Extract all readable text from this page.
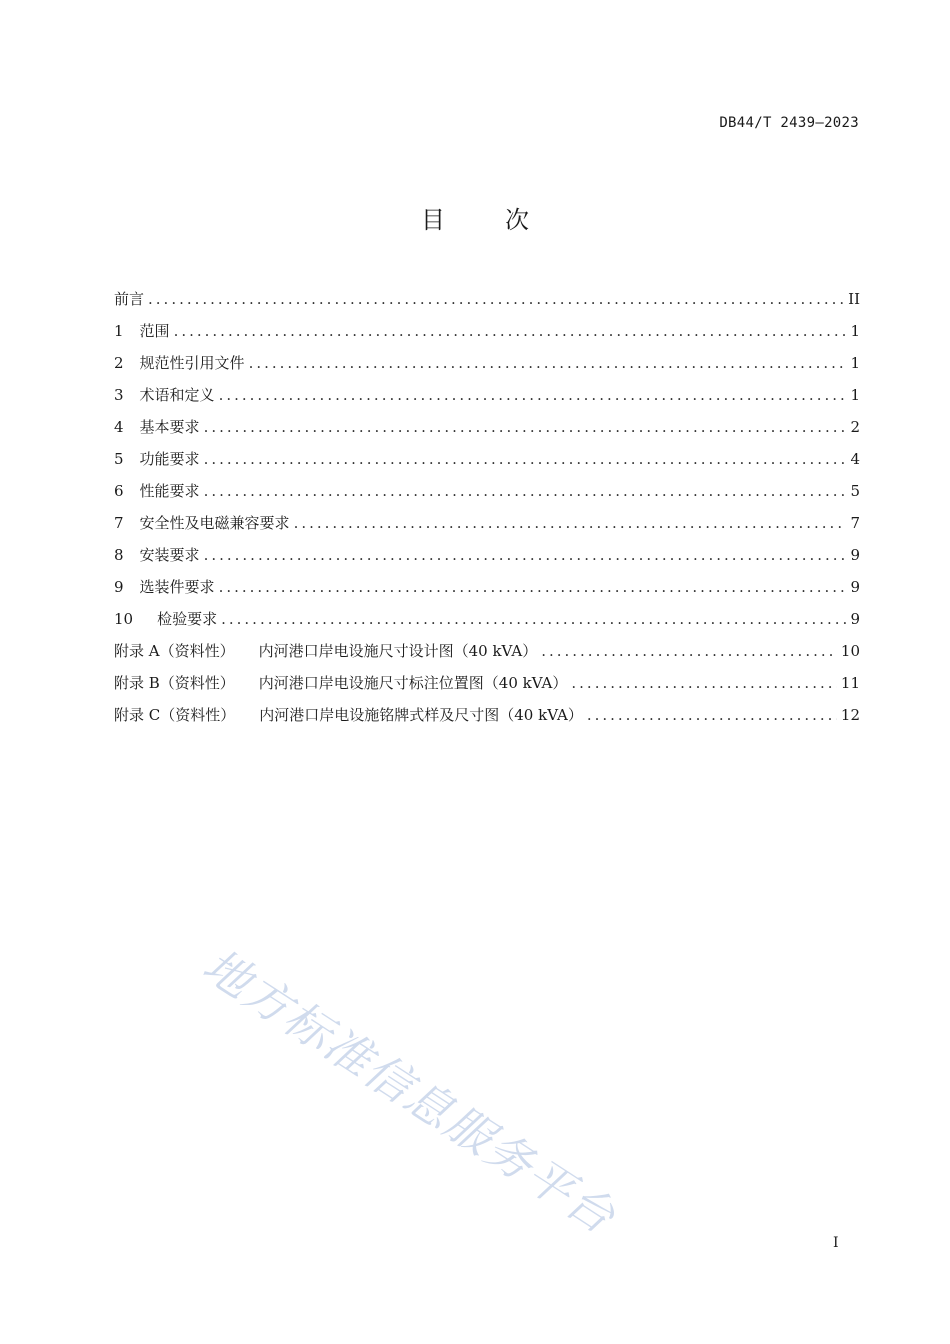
DB44/T 2439—2023
目次
前言 .....	II
1 范围 .....	1
2 规范性引用文件 .....	1
3 术语和定义 .....	1
4 基本要求 .....	2
5 功能要求 .....	4
6 性能要求 .....	5
7 安全性及电磁兼容要求 .....	7
8 安装要求 .....	9
9 选装件要求 .....	9
10 检验要求 .....	9
附录 A（资料性） 内河港口岸电设施尺寸设计图（40 kVA） .....	10
附录 B（资料性） 内河港口岸电设施尺寸标注位置图（40 kVA） .....	11
附录 C（资料性） 内河港口岸电设施铭牌式样及尺寸图（40 kVA） .....	12
地方标准信息服务平台	I
